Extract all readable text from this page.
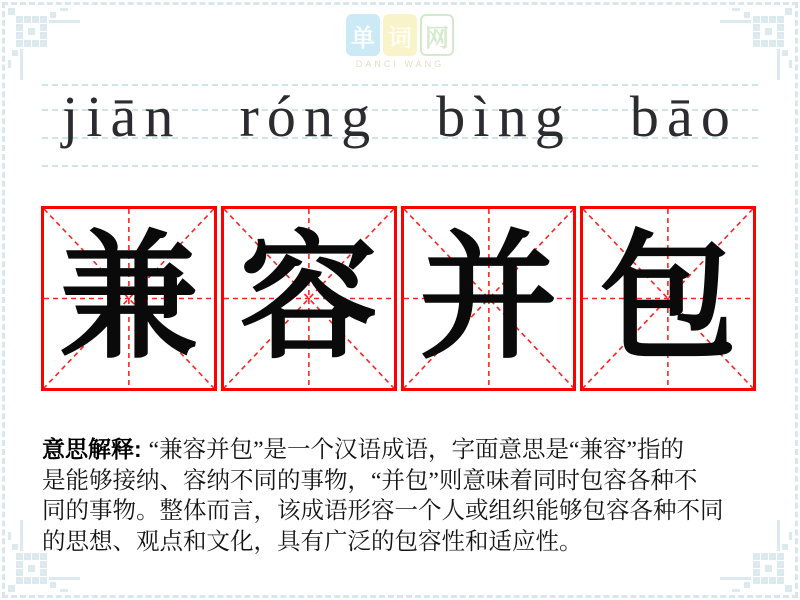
单 词 网
DANCI WANG
jiān róng bìng bāo
兼 容 并 包
意思解释: “兼容并包”是一个汉语成语，字面意思是“兼容”指的
是能够接纳、容纳不同的事物，“并包”则意味着同时包容各种不
同的事物。整体而言，该成语形容一个人或组织能够包容各种不同
的思想、观点和文化，具有广泛的包容性和适应性。
